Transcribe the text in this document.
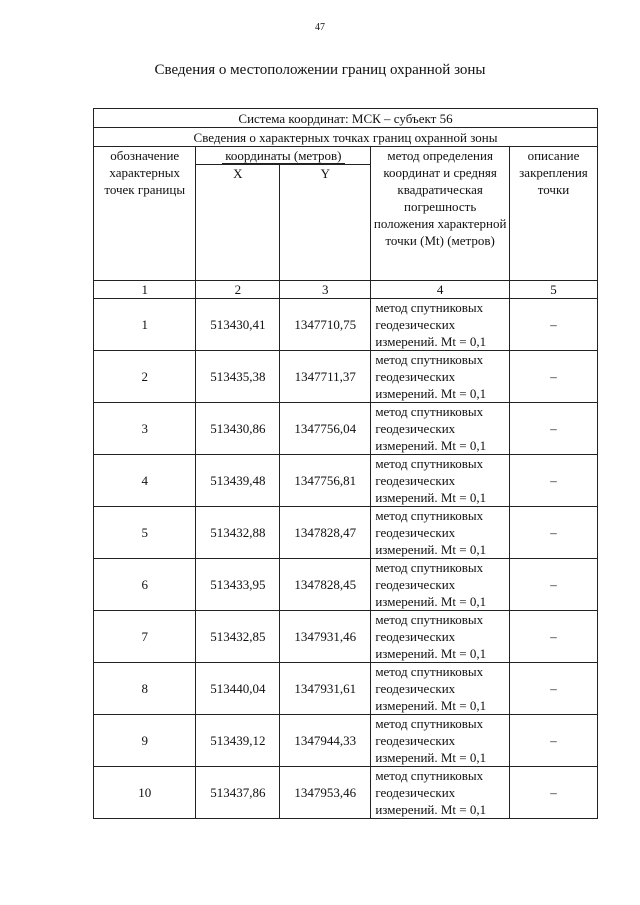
47
Сведения о местоположении границ охранной зоны
Система координат: МСК – субъект 56				
Сведения о характерных точках границ охранной зоны				
обозначение характерных точек границы	координаты (метров)		метод определения координат и средняя квадратическая погрешность положения характерной точки (Mt) (метров)	описание закрепления точки
	X	Y		
1	2	3	4	5
1	513430,41	1347710,75	метод спутниковых геодезических измерений. Mt = 0,1	–
2	513435,38	1347711,37	метод спутниковых геодезических измерений. Mt = 0,1	–
3	513430,86	1347756,04	метод спутниковых геодезических измерений. Mt = 0,1	–
4	513439,48	1347756,81	метод спутниковых геодезических измерений. Mt = 0,1	–
5	513432,88	1347828,47	метод спутниковых геодезических измерений. Mt = 0,1	–
6	513433,95	1347828,45	метод спутниковых геодезических измерений. Mt = 0,1	–
7	513432,85	1347931,46	метод спутниковых геодезических измерений. Mt = 0,1	–
8	513440,04	1347931,61	метод спутниковых геодезических измерений. Mt = 0,1	–
9	513439,12	1347944,33	метод спутниковых геодезических измерений. Mt = 0,1	–
10	513437,86	1347953,46	метод спутниковых геодезических измерений. Mt = 0,1	–
